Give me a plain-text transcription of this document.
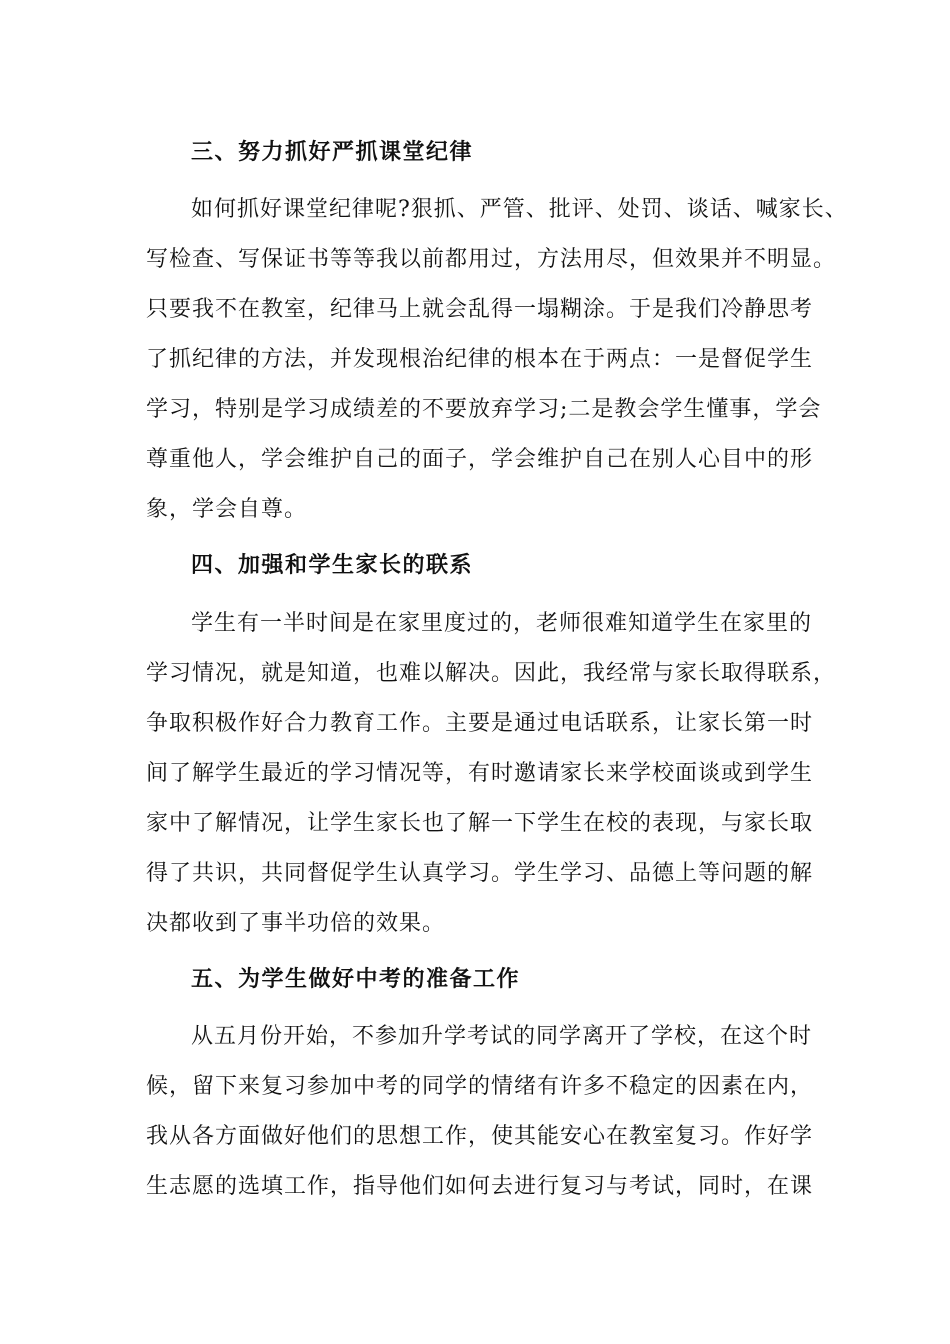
三、努力抓好严抓课堂纪律
如何抓好课堂纪律呢?狠抓、严管、批评、处罚、谈话、喊家长、
写检查、写保证书等等我以前都用过，方法用尽，但效果并不明显。
只要我不在教室，纪律马上就会乱得一塌糊涂。于是我们冷静思考
了抓纪律的方法，并发现根治纪律的根本在于两点：一是督促学生
学习，特别是学习成绩差的不要放弃学习;二是教会学生懂事，学会
尊重他人，学会维护自己的面子，学会维护自己在别人心目中的形
象，学会自尊。
四、加强和学生家长的联系
学生有一半时间是在家里度过的，老师很难知道学生在家里的
学习情况，就是知道，也难以解决。因此，我经常与家长取得联系，
争取积极作好合力教育工作。主要是通过电话联系，让家长第一时
间了解学生最近的学习情况等，有时邀请家长来学校面谈或到学生
家中了解情况，让学生家长也了解一下学生在校的表现，与家长取
得了共识，共同督促学生认真学习。学生学习、品德上等问题的解
决都收到了事半功倍的效果。
五、为学生做好中考的准备工作
从五月份开始，不参加升学考试的同学离开了学校，在这个时
候，留下来复习参加中考的同学的情绪有许多不稳定的因素在内，
我从各方面做好他们的思想工作，使其能安心在教室复习。作好学
生志愿的选填工作，指导他们如何去进行复习与考试，同时，在课
